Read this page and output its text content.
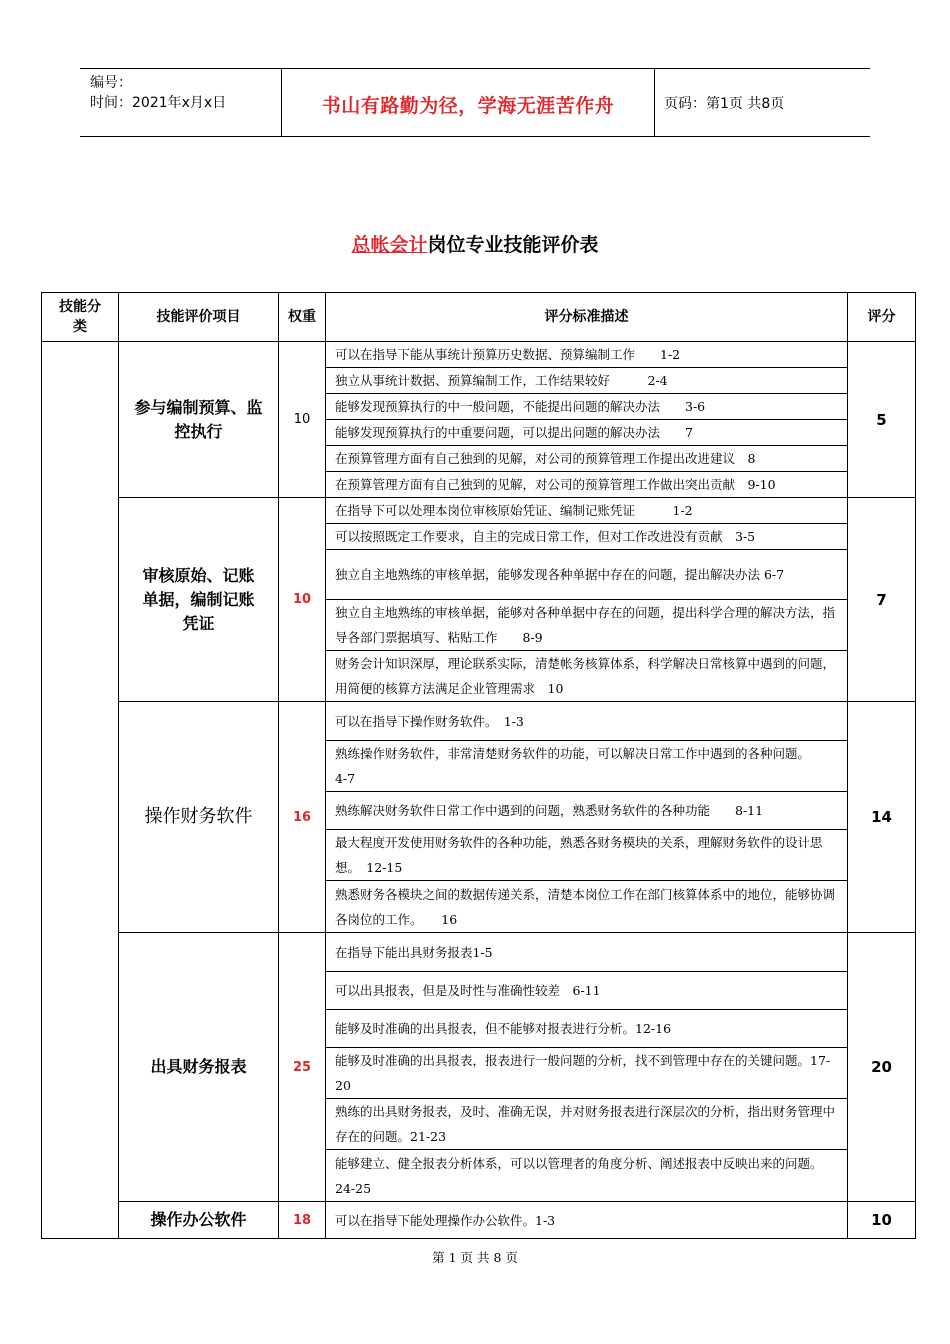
编号：
时间：2021年x月x日	书山有路勤为径，学海无涯苦作舟	页码：第1页 共8页
总帐会计岗位专业技能评价表
技能分类	技能评价项目	权重	评分标准描述	评分

	参与编制预算、监控执行	10	可以在指导下能从事统计预算历史数据、预算编制工作　　1-2	5
			独立从事统计数据、预算编制工作，工作结果较好　　　2-4	
			能够发现预算执行的中一般问题，不能提出问题的解决办法　　3-6	
			能够发现预算执行的中重要问题，可以提出问题的解决办法　　7	
			在预算管理方面有自己独到的见解，对公司的预算管理工作提出改进建议　8	
			在预算管理方面有自己独到的见解，对公司的预算管理工作做出突出贡献　9-10	

	审核原始、记账单据，编制记账凭证	10	在指导下可以处理本岗位审核原始凭证、编制记账凭证　　　1-2	7
			可以按照既定工作要求，自主的完成日常工作，但对工作改进没有贡献　3-5	
			独立自主地熟练的审核单据，能够发现各种单据中存在的问题，提出解决办法 6-7	
			独立自主地熟练的审核单据，能够对各种单据中存在的问题，提出科学合理的解决方法，指导各部门票据填写、粘贴工作　　8-9	
			财务会计知识深厚，理论联系实际，清楚帐务核算体系，科学解决日常核算中遇到的问题，用简便的核算方法满足企业管理需求　10	
	操作财务软件	16	可以在指导下操作财务软件。　1-3	14
			熟练操作财务软件，非常清楚财务软件的功能，可以解决日常工作中遇到的各种问题。　　4-7	
			熟练解决财务软件日常工作中遇到的问题，熟悉财务软件的各种功能　　8-11	
			最大程度开发使用财务软件的各种功能，熟悉各财务模块的关系，理解财务软件的设计思想。　12-15	
			熟悉财务各模块之间的数据传递关系，清楚本岗位工作在部门核算体系中的地位，能够协调各岗位的工作。　　16	
	出具财务报表	25	在指导下能出具财务报表1-5	20
			可以出具报表，但是及时性与准确性较差　6-11	
			能够及时准确的出具报表，但不能够对报表进行分析。12-16	
			能够及时准确的出具报表，报表进行一般问题的分析，找不到管理中存在的关键问题。17-20	
			熟练的出具财务报表，及时、准确无误，并对财务报表进行深层次的分析，指出财务管理中存在的问题。21-23	
			能够建立、健全报表分析体系，可以以管理者的角度分析、阐述报表中反映出来的问题。24-25	
	操作办公软件	18	可以在指导下能处理操作办公软件。1-3	10
第 1 页 共 8 页
